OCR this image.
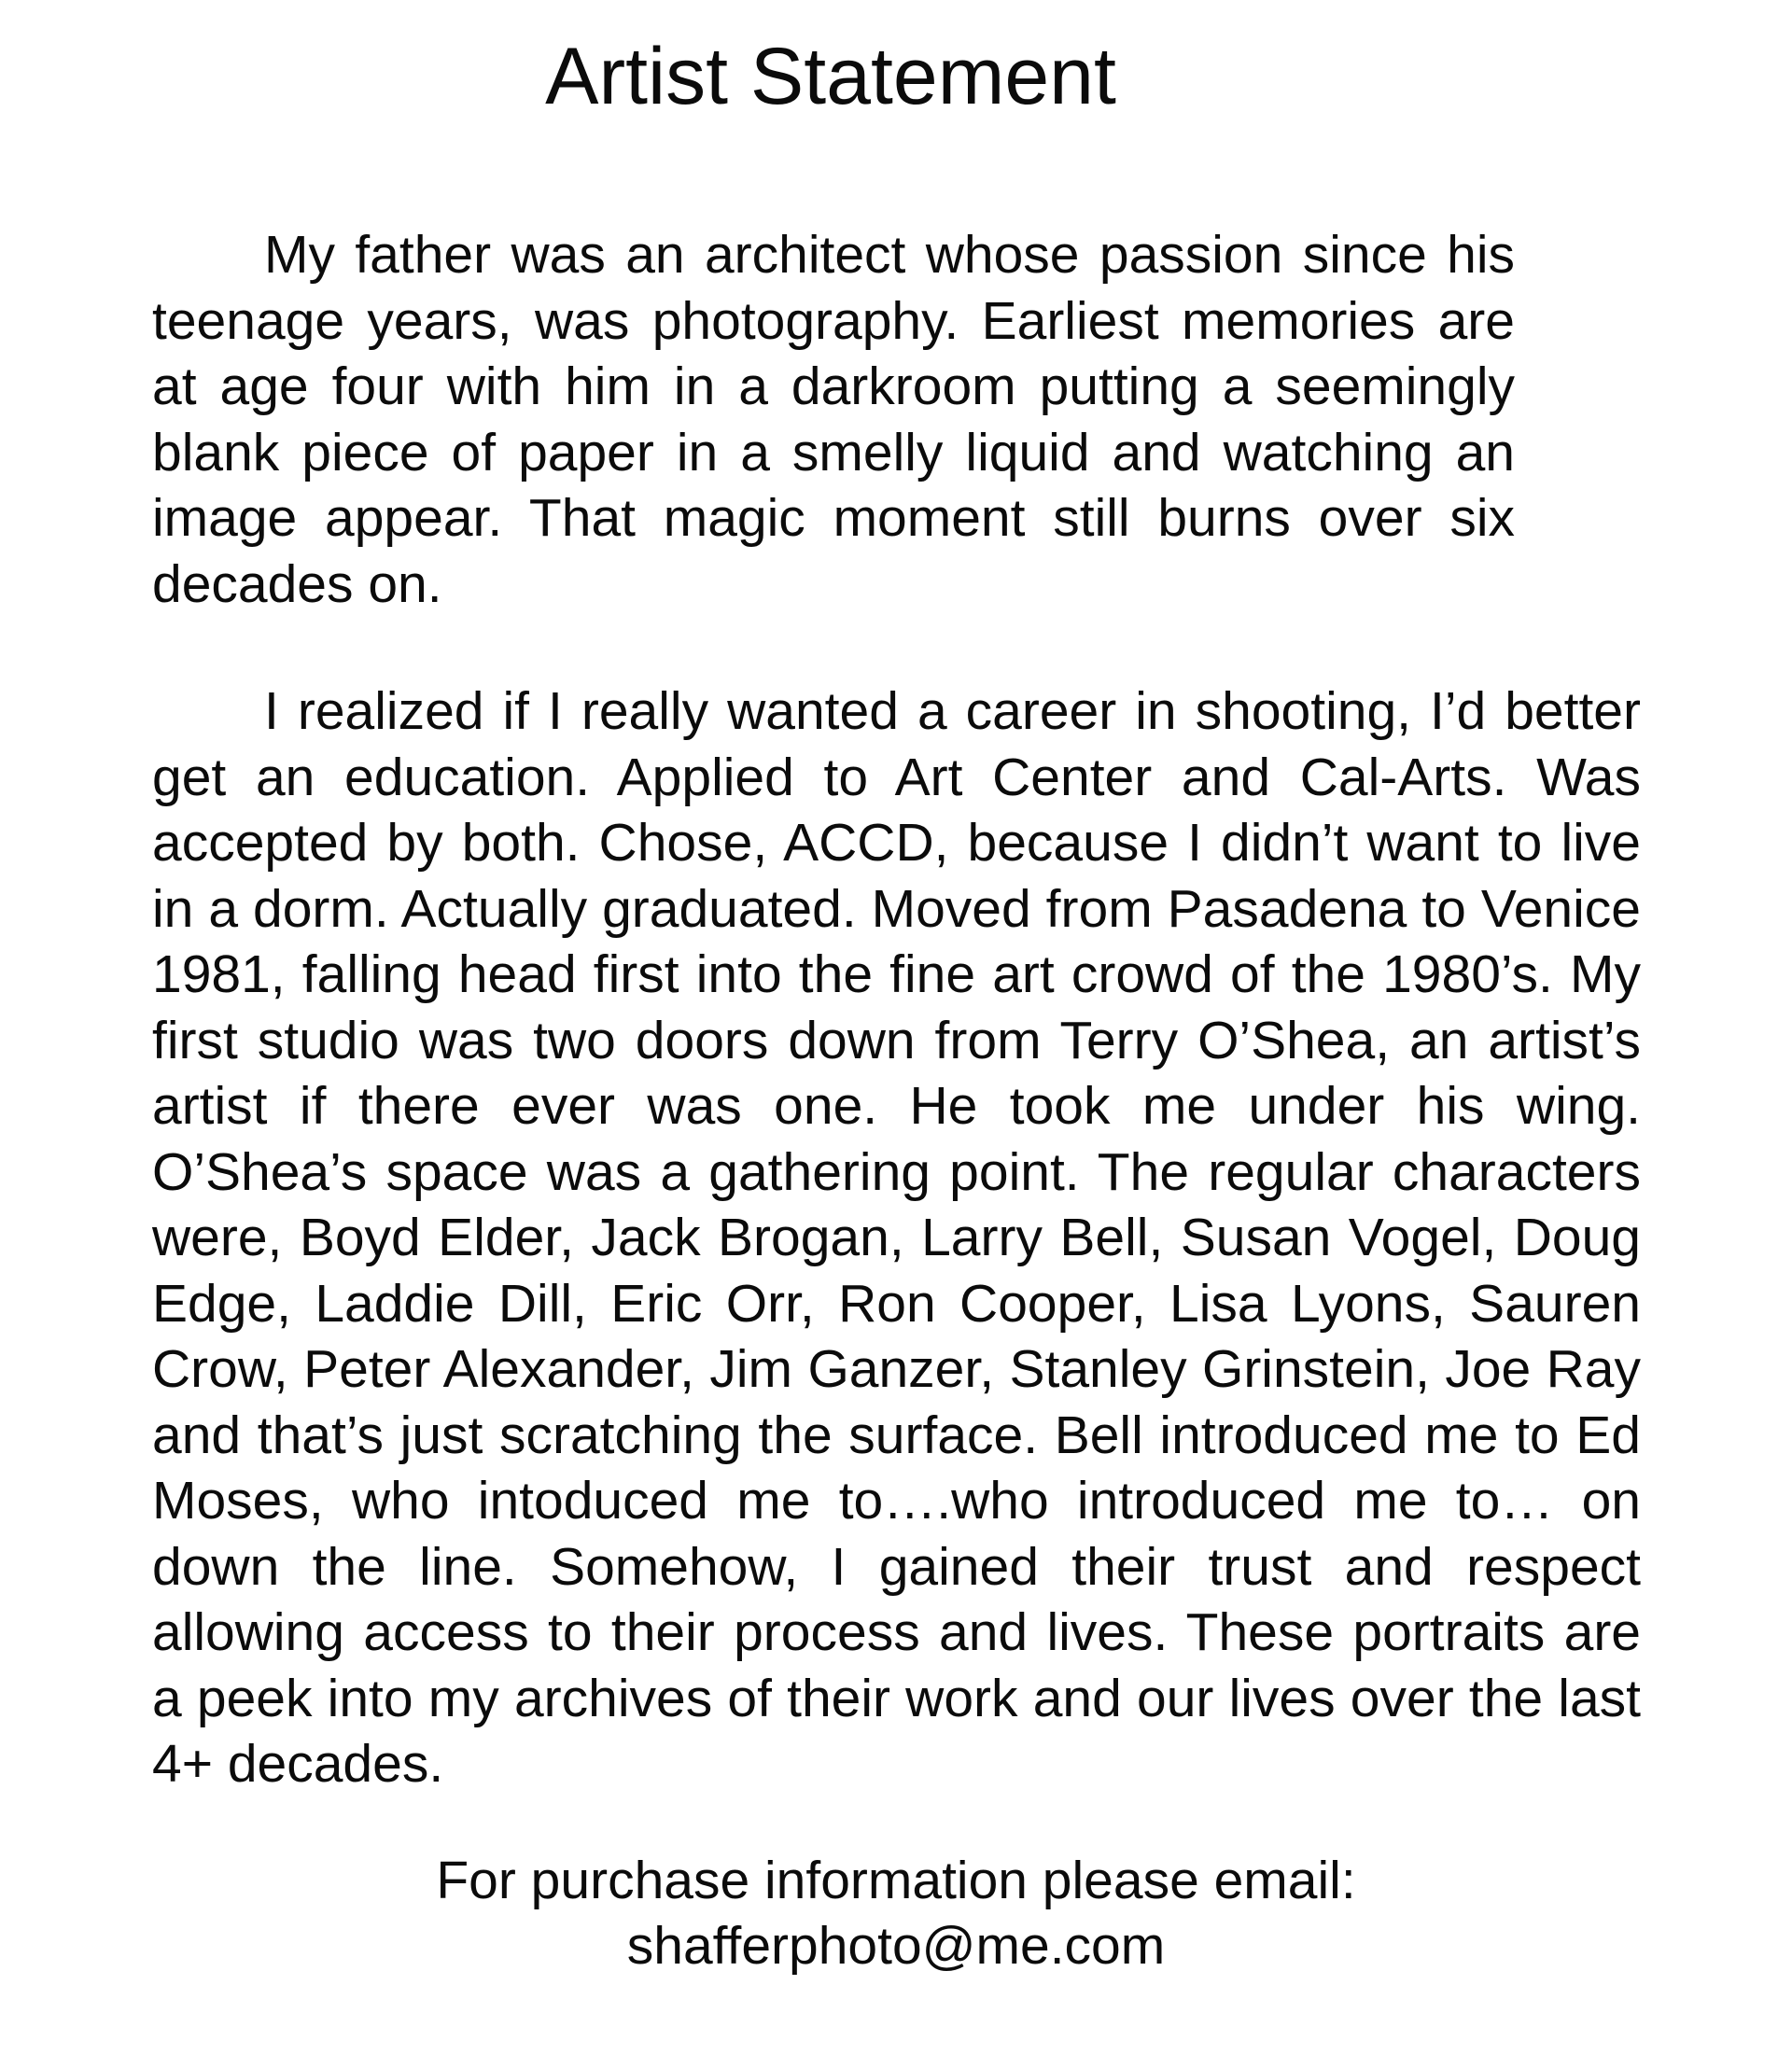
Artist Statement

My father was an architect whose passion since his teenage years, was photography. Earliest memories are at age four with him in a darkroom putting a seemingly blank piece of paper in a smelly liquid and watching an image appear. That magic moment still burns over six decades on.

I realized if I really wanted a career in shooting, I’d better get an education. Applied to Art Center and Cal-Arts. Was accepted by both. Chose, ACCD, because I didn’t want to live in a dorm. Actually graduated. Moved from Pasadena to Venice 1981, falling head first into the fine art crowd of the 1980’s. My first studio was two doors down from Terry O’Shea, an artist’s artist if there ever was one. He took me under his wing. O’Shea’s space was a gathering point. The regular characters were, Boyd Elder, Jack Brogan, Larry Bell, Susan Vogel, Doug Edge, Laddie Dill, Eric Orr, Ron Cooper, Lisa Lyons, Sauren Crow, Peter Alexander, Jim Ganzer, Stanley Grinstein, Joe Ray and that’s just scratching the surface. Bell introduced me to Ed Moses, who intoduced me to….who introduced me to… on down the line. Somehow, I gained their trust and respect allowing access to their process and lives. These portraits are a peek into my archives of their work and our lives over the last 4+ decades.

For purchase information please email:
shafferphoto@me.com
